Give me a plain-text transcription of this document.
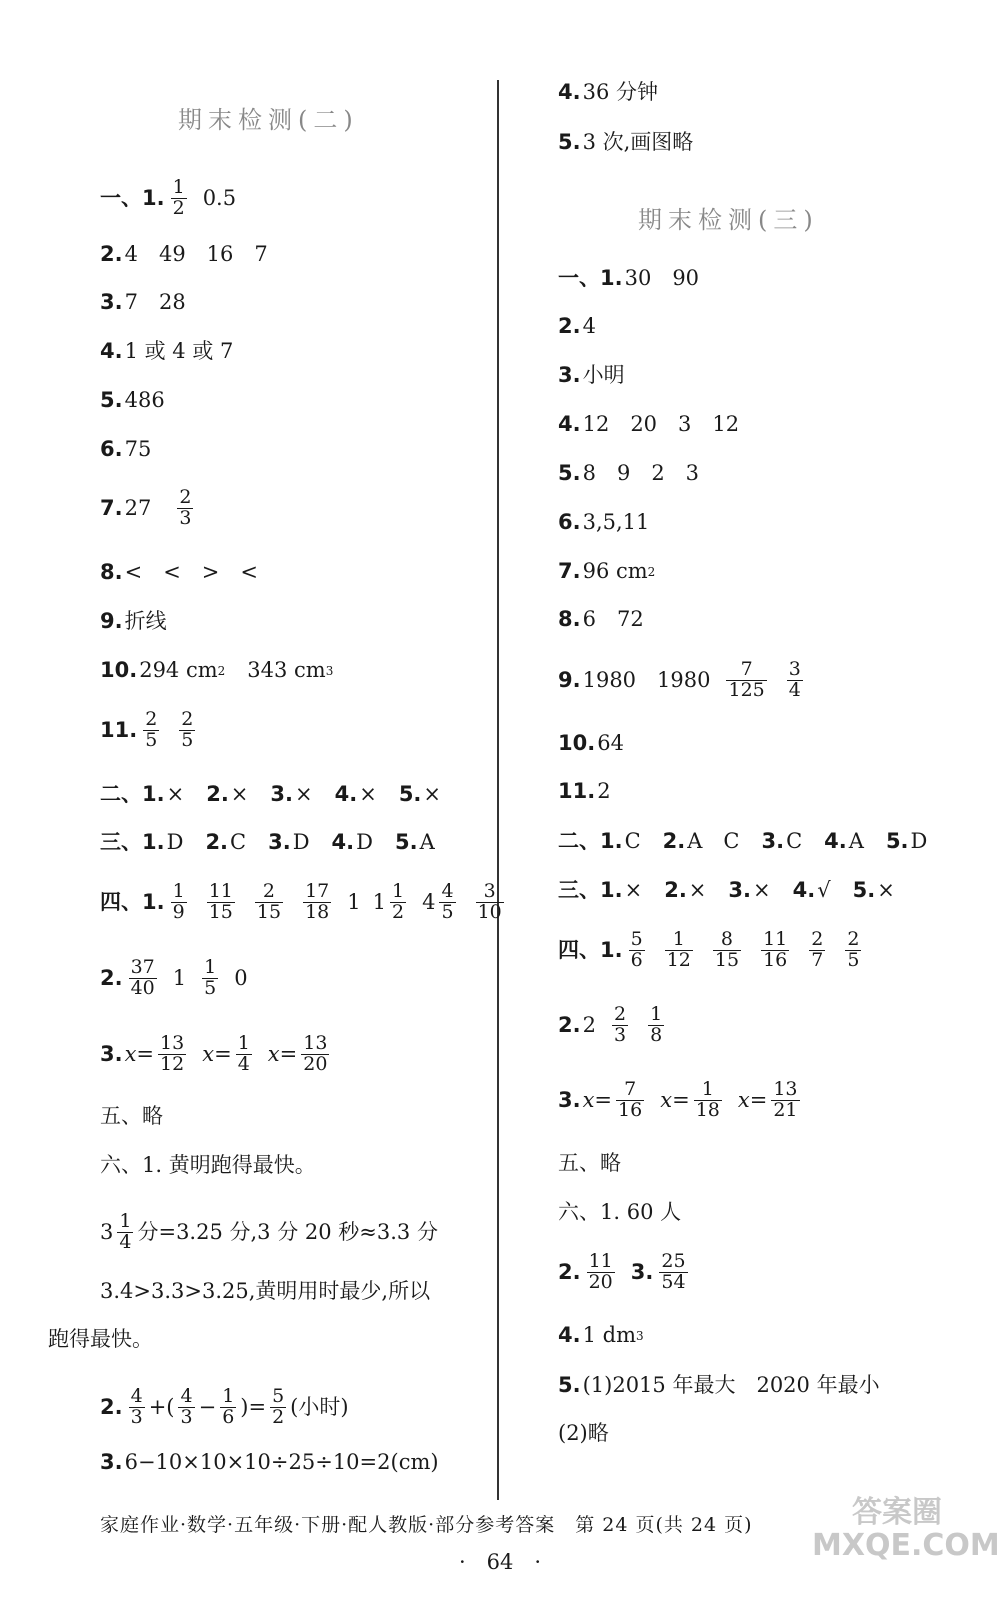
期末检测(二)
一、1. $\frac{1}{2} 0.5$
2. 4　49　16　7
3. 7　28
4. 1 或 4 或 7
5. 486
6. 75
7. $27 \frac{2}{3}$
8. <　<　>　<
9. 折线
10. 294 cm 2 343 cm 3
11. $\frac{2}{5} \frac{2}{5}$
二、1. × 2. × 3. × 4. × 5. ×
三、1. D 2. C 3. D 4. D 5. A
四、1. $\frac{1}{9} \frac{11}{15} \frac{2}{15} \frac{17}{18} 1$ $1 \frac{1}{2} 4 \frac{4}{5} \frac{3}{10}$
2. $\frac{37}{40} 1 \frac{1}{5} 0$
3. $x= \frac{13}{12} x= \frac{1}{4} x= \frac{13}{20}$
五、略
六、1. 黄明跑得最快。
$3 \frac{1}{4}$ 分=3.25 分,3 分 20 秒≈3.3 分
3.4>3.3>3.25,黄明用时最少,所以
跑得最快。
2. $\frac{4}{3}$ +( $\frac{4}{3} - \frac{1}{6}$ )= $\frac{5}{2}$ (小时)
3. 6−10×10×10÷25÷10=2(cm)
4. 36 分钟
5. 3 次,画图略
期末检测(三)
一、1. 30　90
2. 4
3. 小明
4. 12　20　3　12
5. 8　9　2　3
6. 3,5,11
7. 96 cm 2
8. 6　72
9. 1980　$1980 \frac{7}{125} \frac{3}{4}$
10. 64
11. 2
二、1. C 2. A　C 3. C 4. A 5. D
三、1. × 2. × 3. × 4. √ 5. ×
四、1. $\frac{5}{6} \frac{1}{12} \frac{8}{15} \frac{11}{16} \frac{2}{7} \frac{2}{5}$
2. $2 \frac{2}{3} \frac{1}{8}$
3. $x= \frac{7}{16} x= \frac{1}{18} x= \frac{13}{21}$
五、略
六、1. 60 人
2. $\frac{11}{20} 3$. $\frac{25}{54}$
4. 1 dm 3
5. (1)2015 年最大　2020 年最小
(2)略
家庭作业·数学·五年级·下册·配人教版·部分参考答案　第 24 页(共 24 页)
·　64　·
答案圈 MXQE.COM
